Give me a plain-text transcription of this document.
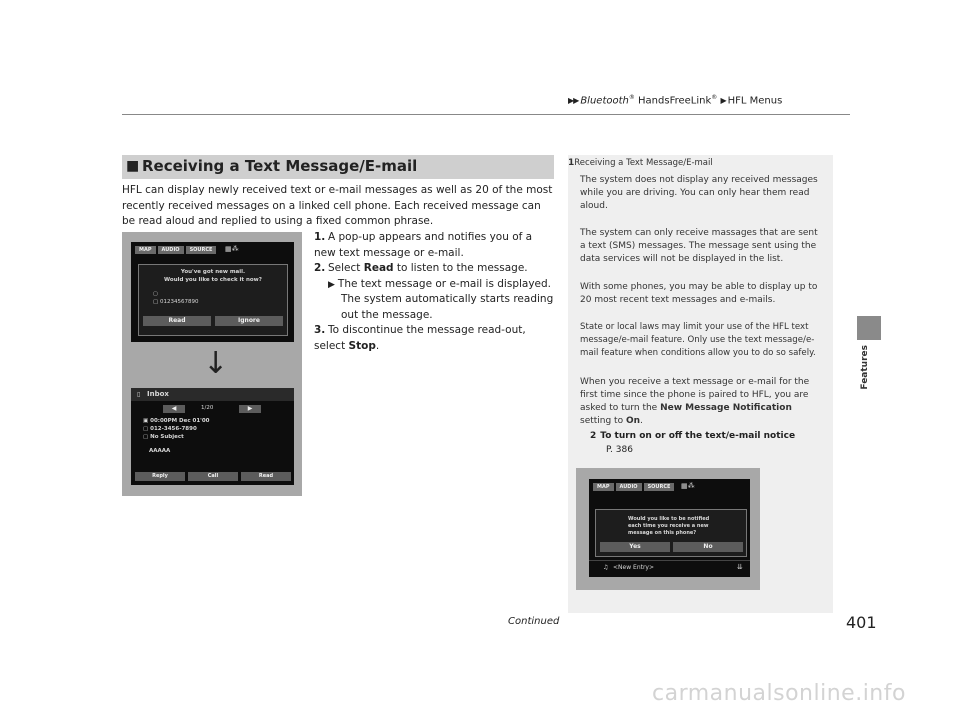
▶▶ Bluetooth® HandsFreeLink® ▶ HFL Menus
Features
■ Receiving a Text Message/E-mail
HFL can display newly received text or e-mail messages as well as 20 of the most recently received messages on a linked cell phone. Each received message can be read aloud and replied to using a fixed common phrase.
1. A pop-up appears and notifies you of a new text message or e-mail.
2. Select Read to listen to the message.
▶ The text message or e-mail is displayed.
The system automatically starts reading out the message.
3. To discontinue the message read-out, select Stop.
MAP	AUDIO	SOURCE	▦⁂
You've got new mail.
Would you like to check it now?
▢
▢ 01234567890
Read	Ignore
↓
▯ Inbox
◀	1/20	▶
▣ 00:00PM Dec 01'00
▢ 012-3456-7890
▢ No Subject
AAAAA
Reply	Call	Read
1Receiving a Text Message/E-mail
The system does not display any received messages while you are driving. You can only hear them read aloud.
The system can only receive massages that are sent a text (SMS) messages. The message sent using the data services will not be displayed in the list.
With some phones, you may be able to display up to 20 most recent text messages and e-mails.
State or local laws may limit your use of the HFL text message/e-mail feature. Only use the text message/e-mail feature when conditions allow you to do so safely.
When you receive a text message or e-mail for the first time since the phone is paired to HFL, you are asked to turn the New Message Notification setting to On.
2 To turn on or off the text/e-mail notice
P. 386
MAP	AUDIO	SOURCE	▦⁂
Would you like to be notified
each time you receive a new
message on this phone?
Yes	No
♫ <New Entry>	⇊
Continued	401
carmanualsonline.info
